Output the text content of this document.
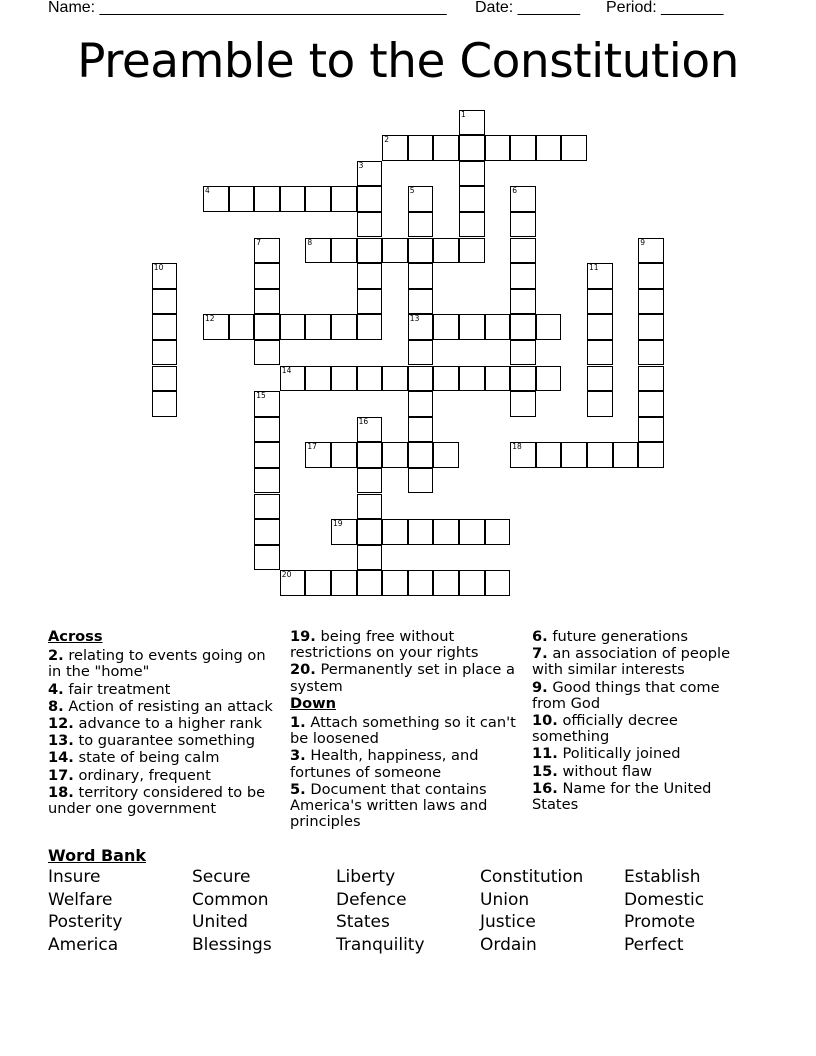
Name: _______________________________________ Date: _______ Period: _______
Preamble to the Constitution
1
2
3
4	5
13
6
7	8	9
10	11
12
14
15
16
17	18
19
20
Across
2. relating to events going on in the "home"
4. fair treatment
8. Action of resisting an attack
12. advance to a higher rank
13. to guarantee something
14. state of being calm
17. ordinary, frequent
18. territory considered to be under one government
19. being free without restrictions on your rights
20. Permanently set in place a system
Down
1. Attach something so it can't be loosened
3. Health, happiness, and fortunes of someone
5. Document that contains America's written laws and principles
6. future generations
7. an association of people with similar interests
9. Good things that come from God
10. officially decree something
11. Politically joined
15. without flaw
16. Name for the United States
Word Bank
Insure	Secure	Liberty	Constitution Establish
Welfare	Common	Defence	Union	Domestic
Posterity	United	States	Justice	Promote
America	Blessings	Tranquility	Ordain	Perfect
